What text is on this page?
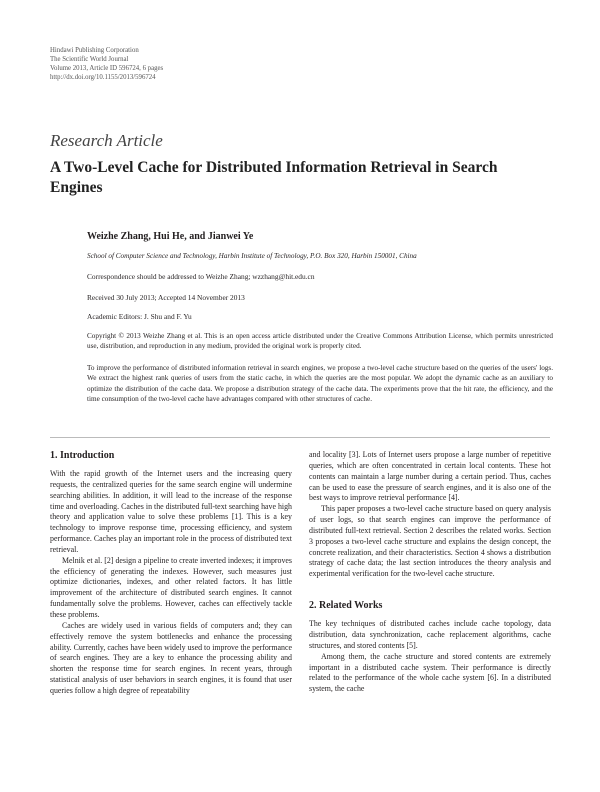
Hindawi Publishing Corporation
The Scientific World Journal
Volume 2013, Article ID 596724, 6 pages
http://dx.doi.org/10.1155/2013/596724
Research Article
A Two-Level Cache for Distributed Information Retrieval in Search Engines
Weizhe Zhang, Hui He, and Jianwei Ye
School of Computer Science and Technology, Harbin Institute of Technology, P.O. Box 320, Harbin 150001, China
Correspondence should be addressed to Weizhe Zhang; wzzhang@hit.edu.cn
Received 30 July 2013; Accepted 14 November 2013
Academic Editors: J. Shu and F. Yu
Copyright © 2013 Weizhe Zhang et al. This is an open access article distributed under the Creative Commons Attribution License, which permits unrestricted use, distribution, and reproduction in any medium, provided the original work is properly cited.
To improve the performance of distributed information retrieval in search engines, we propose a two-level cache structure based on the queries of the users' logs. We extract the highest rank queries of users from the static cache, in which the queries are the most popular. We adopt the dynamic cache as an auxiliary to optimize the distribution of the cache data. We propose a distribution strategy of the cache data. The experiments prove that the hit rate, the efficiency, and the time consumption of the two-level cache have advantages compared with other structures of cache.
1. Introduction

With the rapid growth of the Internet users and the increasing query requests, the centralized queries for the same search engine will undermine searching abilities. In addition, it will lead to the increase of the response time and overloading. Caches in the distributed full-text searching have high theory and application value to solve these problems [1]. This is a key technology to improve response time, processing efficiency, and system performance. Caches play an important role in the process of distributed text retrieval.

Melnik et al. [2] design a pipeline to create inverted indexes; it improves the efficiency of generating the indexes. However, such measures just optimize dictionaries, indexes, and other related factors. It has little improvement of the architecture of distributed search engines. It cannot fundamentally solve the problems. However, caches can effectively tackle these problems.

Caches are widely used in various fields of computers and; they can effectively remove the system bottlenecks and enhance the processing ability. Currently, caches have been widely used to improve the performance of search engines. They are a key to enhance the processing ability and shorten the response time for search engines. In recent years, through statistical analysis of user behaviors in search engines, it is found that user queries follow a high degree of repeatability

and locality [3]. Lots of Internet users propose a large number of repetitive queries, which are often concentrated in certain local contents. These hot contents can maintain a large number during a certain period. Thus, caches can be used to ease the pressure of search engines, and it is also one of the best ways to improve retrieval performance [4].

This paper proposes a two-level cache structure based on query analysis of user logs, so that search engines can improve the performance of distributed full-text retrieval. Section 2 describes the related works. Section 3 proposes a two-level cache structure and explains the design concept, the concrete realization, and their characteristics. Section 4 shows a distribution strategy of cache data; the last section introduces the theory analysis and experimental verification for the two-level cache structure.

2. Related Works

The key techniques of distributed caches include cache topology, data distribution, data synchronization, cache replacement algorithms, cache structures, and stored contents [5].

Among them, the cache structure and stored contents are extremely important in a distributed cache system. Their performance is directly related to the performance of the whole cache system [6]. In a distributed system, the cache
